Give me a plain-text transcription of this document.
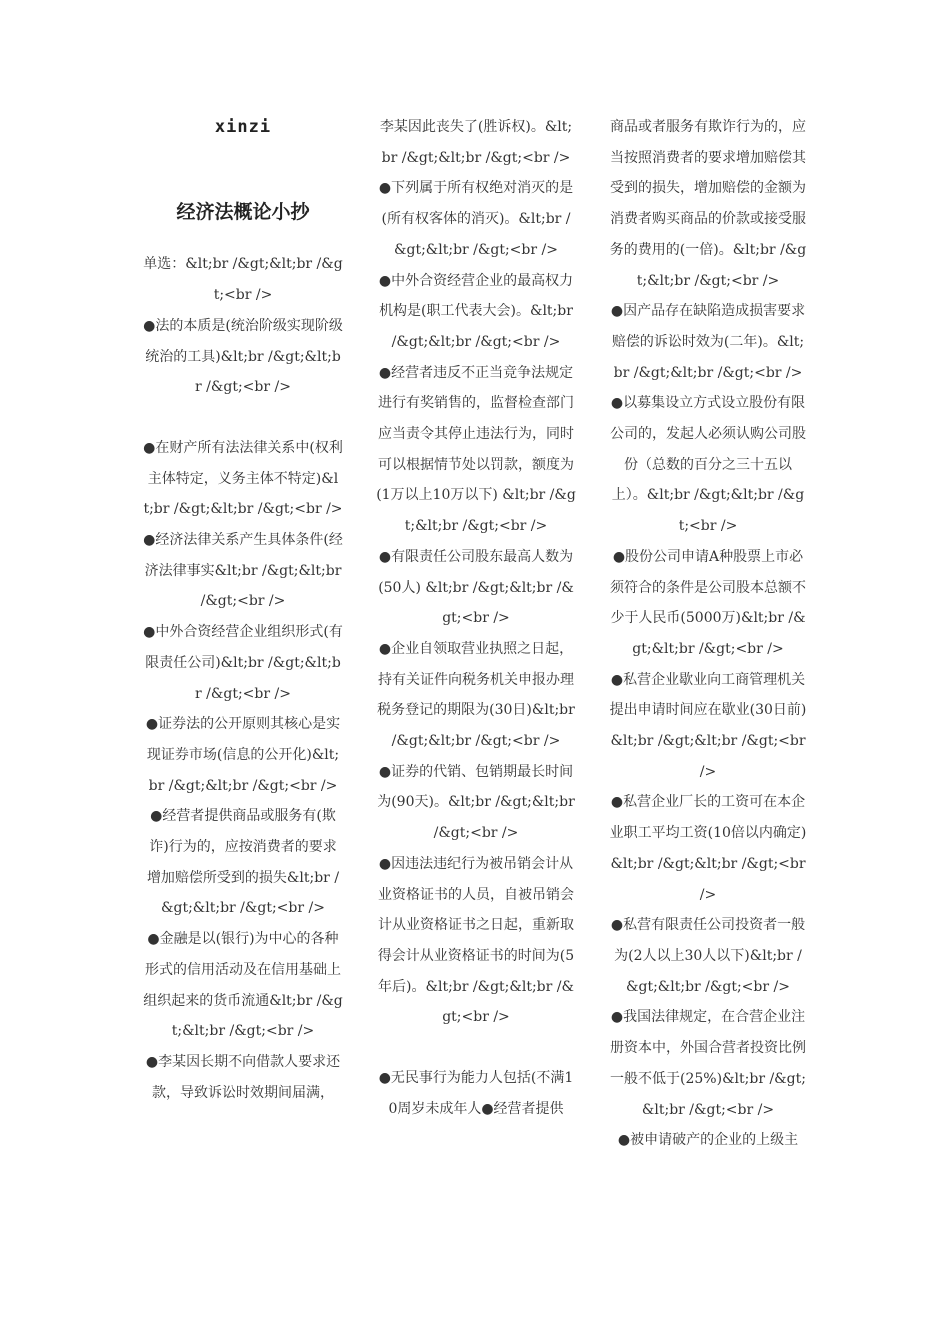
xinzi
经济法概论小抄

单选：&lt;br /&gt;&lt;br /&gt;<br />

●法的本质是(统治阶级实现阶级统治的工具)&lt;br /&gt;&lt;br /&gt;<br />

●在财产所有法法律关系中(权利主体特定，义务主体不特定)&lt;br /&gt;&lt;br /&gt;<br />

●经济法律关系产生具体条件(经济法律事实&lt;br /&gt;&lt;br /&gt;<br />

●中外合资经营企业组织形式(有限责任公司)&lt;br /&gt;&lt;br /&gt;<br />

●证券法的公开原则其核心是实现证券市场(信息的公开化)&lt;br /&gt;&lt;br /&gt;<br />

●经营者提供商品或服务有(欺诈)行为的，应按消费者的要求增加赔偿所受到的损失&lt;br /&gt;&lt;br /&gt;<br />

●金融是以(银行)为中心的各种形式的信用活动及在信用基础上组织起来的货币流通&lt;br /&gt;&lt;br /&gt;<br />

●李某因长期不向借款人要求还款，导致诉讼时效期间届满，

李某因此丧失了(胜诉权)。&lt;br /&gt;&lt;br /&gt;<br />

●下列属于所有权绝对消灭的是(所有权客体的消灭)。&lt;br /&gt;&lt;br /&gt;<br />

●中外合资经营企业的最高权力机构是(职工代表大会)。&lt;br /&gt;&lt;br /&gt;<br />

●经营者违反不正当竞争法规定进行有奖销售的，监督检查部门应当责令其停止违法行为，同时可以根据情节处以罚款，额度为(1万以上10万以下) &lt;br /&gt;&lt;br /&gt;<br />

●有限责任公司股东最高人数为(50人) &lt;br /&gt;&lt;br /&gt;<br />

●企业自领取营业执照之日起，持有关证件向税务机关申报办理税务登记的期限为(30日)&lt;br /&gt;&lt;br /&gt;<br />

●证券的代销、包销期最长时间为(90天)。&lt;br /&gt;&lt;br /&gt;<br />

●因违法违纪行为被吊销会计从业资格证书的人员，自被吊销会计从业资格证书之日起，重新取得会计从业资格证书的时间为(5年后)。&lt;br /&gt;&lt;br /&gt;<br />

●无民事行为能力人包括(不满10周岁未成年人●经营者提供

商品或者服务有欺诈行为的，应当按照消费者的要求增加赔偿其受到的损失，增加赔偿的金额为消费者购买商品的价款或接受服务的费用的(一倍)。&lt;br /&gt;&lt;br /&gt;<br />

●因产品存在缺陷造成损害要求赔偿的诉讼时效为(二年)。&lt;br /&gt;&lt;br /&gt;<br />

●以募集设立方式设立股份有限公司的，发起人必须认购公司股份（总数的百分之三十五以上）。&lt;br /&gt;&lt;br /&gt;<br />

●股份公司申请A种股票上市必须符合的条件是公司股本总额不少于人民币(5000万)&lt;br /&gt;&lt;br /&gt;<br />

●私营企业歇业向工商管理机关提出申请时间应在歇业(30日前)&lt;br /&gt;&lt;br /&gt;<br />

●私营企业厂长的工资可在本企业职工平均工资(10倍以内确定)&lt;br /&gt;&lt;br /&gt;<br />

●私营有限责任公司投资者一般为(2人以上30人以下)&lt;br /&gt;&lt;br /&gt;<br />

●我国法律规定，在合营企业注册资本中，外国合营者投资比例一般不低于(25%)&lt;br /&gt;&lt;br /&gt;<br />

●被申请破产的企业的上级主
